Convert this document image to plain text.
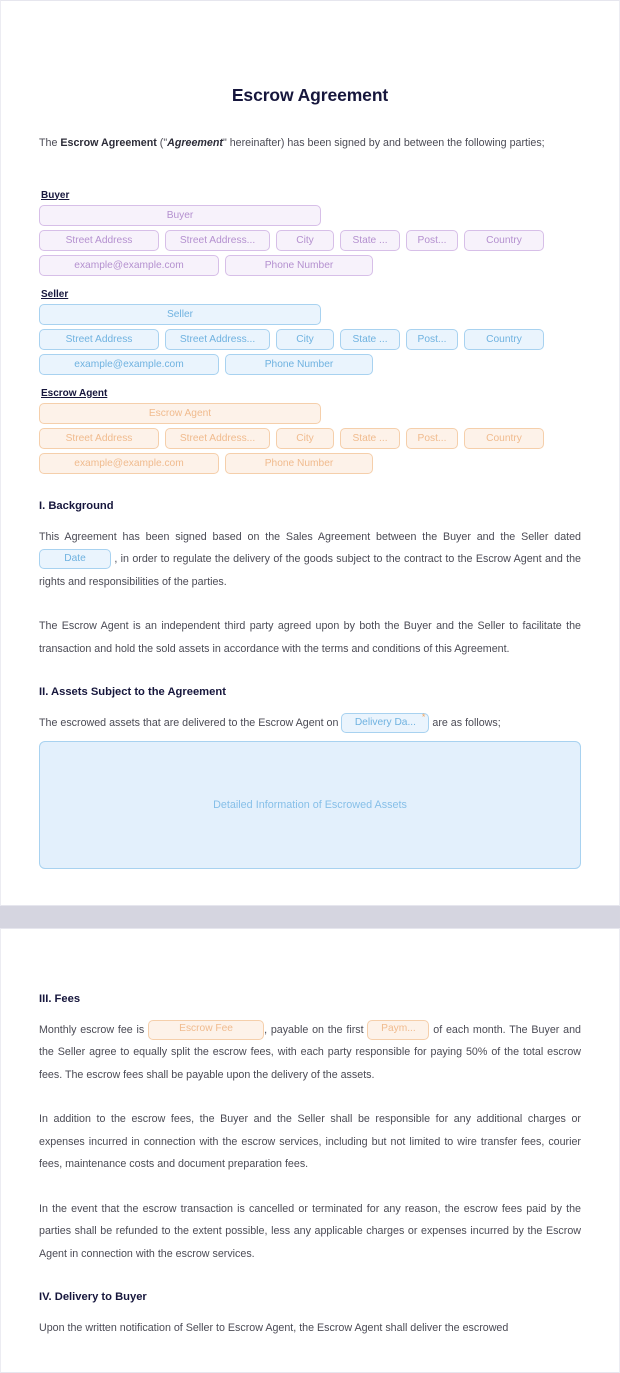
Escrow Agreement

The Escrow Agreement ("Agreement" hereinafter) has been signed by and between the following parties;

Buyer
Buyer
Street Address	Street Address...	City	State ...	Post...	Country
example@example.com	Phone Number
Seller
Seller
Street Address	Street Address...	City	State ...	Post...	Country
example@example.com	Phone Number
Escrow Agent
Escrow Agent
Street Address	Street Address...	City	State ...	Post...	Country
example@example.com	Phone Number
I. Background

This Agreement has been signed based on the Sales Agreement between the Buyer and the Seller dated Date	, in order to regulate the delivery of the goods subject to the contract to the Escrow Agent and the rights and responsibilities of the parties.

The Escrow Agent is an independent third party agreed upon by both the Buyer and the Seller to facilitate the transaction and hold the sold assets in accordance with the terms and conditions of this Agreement.

II. Assets Subject to the Agreement

The escrowed assets that are delivered to the Escrow Agent on Delivery Da... * are as follows;

Detailed Information of Escrowed Assets
III. Fees

Monthly escrow fee is	Escrow Fee	, payable on the first Paym... of each month. The Buyer and the Seller agree to equally split the escrow fees, with each party responsible for paying 50% of the total escrow fees. The escrow fees shall be payable upon the delivery of the assets.

In addition to the escrow fees, the Buyer and the Seller shall be responsible for any additional charges or expenses incurred in connection with the escrow services, including but not limited to wire transfer fees, courier fees, maintenance costs and document preparation fees.

In the event that the escrow transaction is cancelled or terminated for any reason, the escrow fees paid by the parties shall be refunded to the extent possible, less any applicable charges or expenses incurred by the Escrow Agent in connection with the escrow services.

IV. Delivery to Buyer

Upon the written notification of Seller to Escrow Agent, the Escrow Agent shall deliver the escrowed
